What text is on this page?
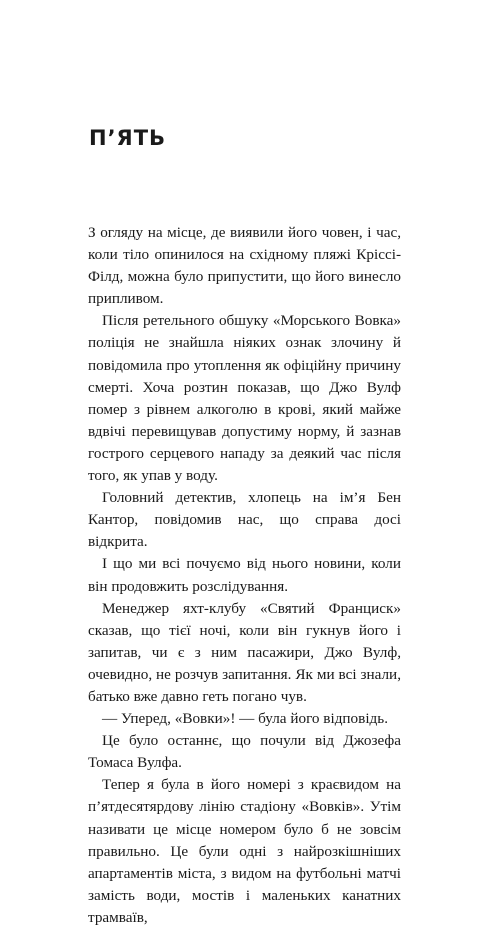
П’ЯТЬ

З огляду на місце, де виявили його човен, і час, коли тіло опинилося на східному пляжі Кріссі-Філд, можна було припустити, що його винесло припливом.

Після ретельного обшуку «Морського Вовка» поліція не знайшла ніяких ознак злочину й повідомила про утоплення як офіційну причину смерті. Хоча розтин показав, що Джо Вулф помер з рівнем алкоголю в крові, який майже вдвічі перевищував допустиму норму, й зазнав гострого серцевого нападу за деякий час після того, як упав у воду.

Головний детектив, хлопець на ім’я Бен Кантор, повідомив нас, що справа досі відкрита.

І що ми всі почуємо від нього новини, коли він продовжить розслідування.

Менеджер яхт-клубу «Святий Франциск» сказав, що тієї ночі, коли він гукнув його і запитав, чи є з ним пасажири, Джо Вулф, очевидно, не розчув запитання. Як ми всі знали, батько вже давно геть погано чув.

— Уперед, «Вовки»! — була його відповідь.

Це було останнє, що почули від Джозефа Томаса Вулфа.

Тепер я була в його номері з краєвидом на п’ятдесятярдову лінію стадіону «Вовків». Утім називати це місце номером було б не зовсім правильно. Це були одні з найрозкішніших апартаментів міста, з видом на футбольні матчі замість води, мостів і маленьких канатних трамваїв,
